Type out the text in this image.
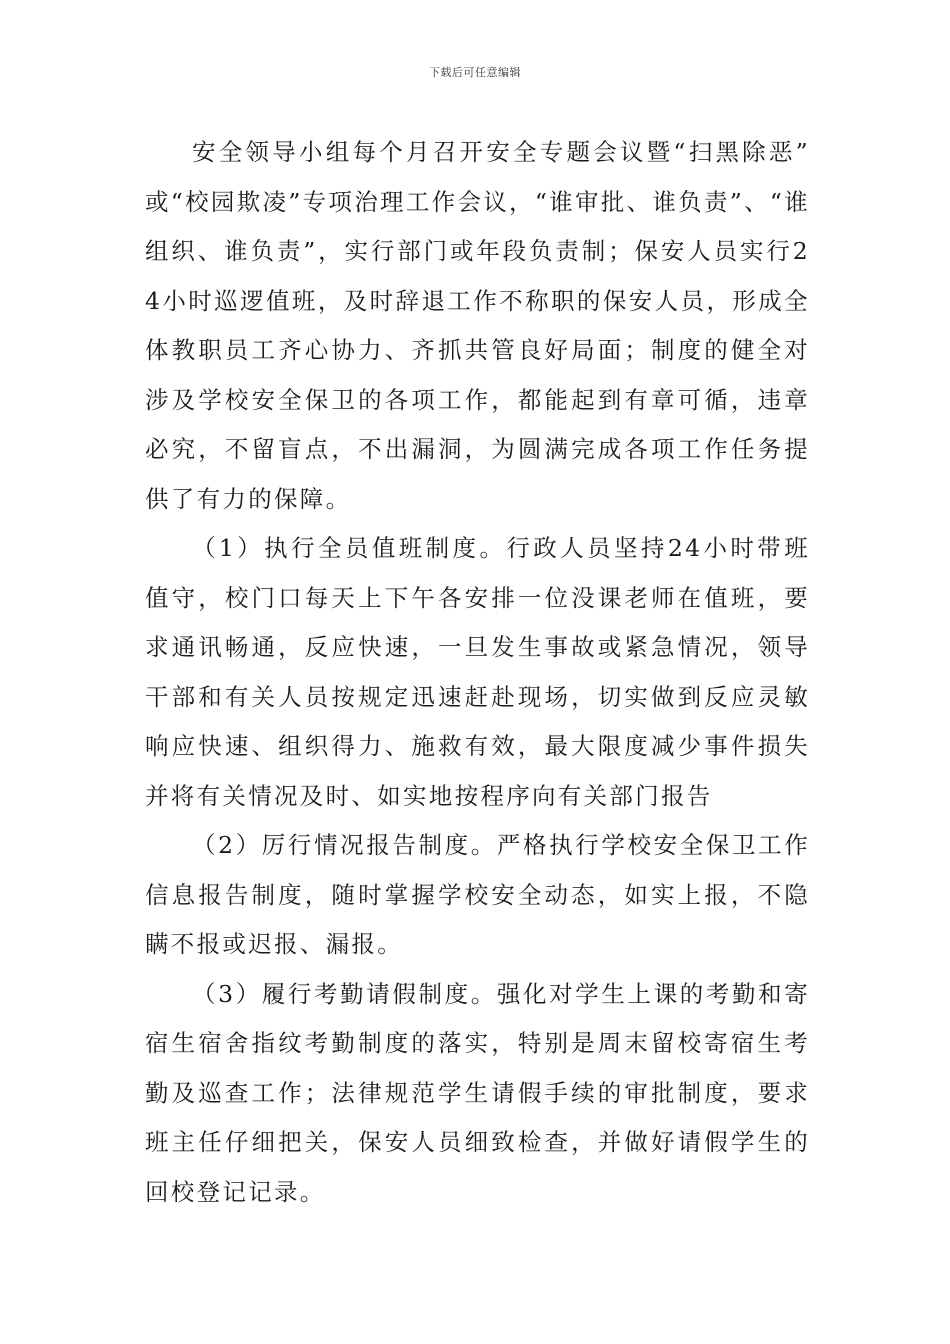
下载后可任意编辑

安全领导小组每个月召开安全专题会议暨“扫黑除恶”或“校园欺凌”专项治理工作会议，“谁审批、谁负责”、“谁组织、谁负责”，实行部门或年段负责制；保安人员实行24小时巡逻值班，及时辞退工作不称职的保安人员，形成全体教职员工齐心协力、齐抓共管良好局面；制度的健全对涉及学校安全保卫的各项工作，都能起到有章可循，违章必究，不留盲点，不出漏洞，为圆满完成各项工作任务提供了有力的保障。

（1）执行全员值班制度。行政人员坚持24小时带班值守，校门口每天上下午各安排一位没课老师在值班，要求通讯畅通，反应快速，一旦发生事故或紧急情况，领导干部和有关人员按规定迅速赶赴现场，切实做到反应灵敏响应快速、组织得力、施救有效，最大限度减少事件损失并将有关情况及时、如实地按程序向有关部门报告

（2）厉行情况报告制度。严格执行学校安全保卫工作信息报告制度，随时掌握学校安全动态，如实上报，不隐瞒不报或迟报、漏报。

（3）履行考勤请假制度。强化对学生上课的考勤和寄宿生宿舍指纹考勤制度的落实，特别是周末留校寄宿生考勤及巡查工作；法律规范学生请假手续的审批制度，要求班主任仔细把关，保安人员细致检查，并做好请假学生的回校登记记录。
